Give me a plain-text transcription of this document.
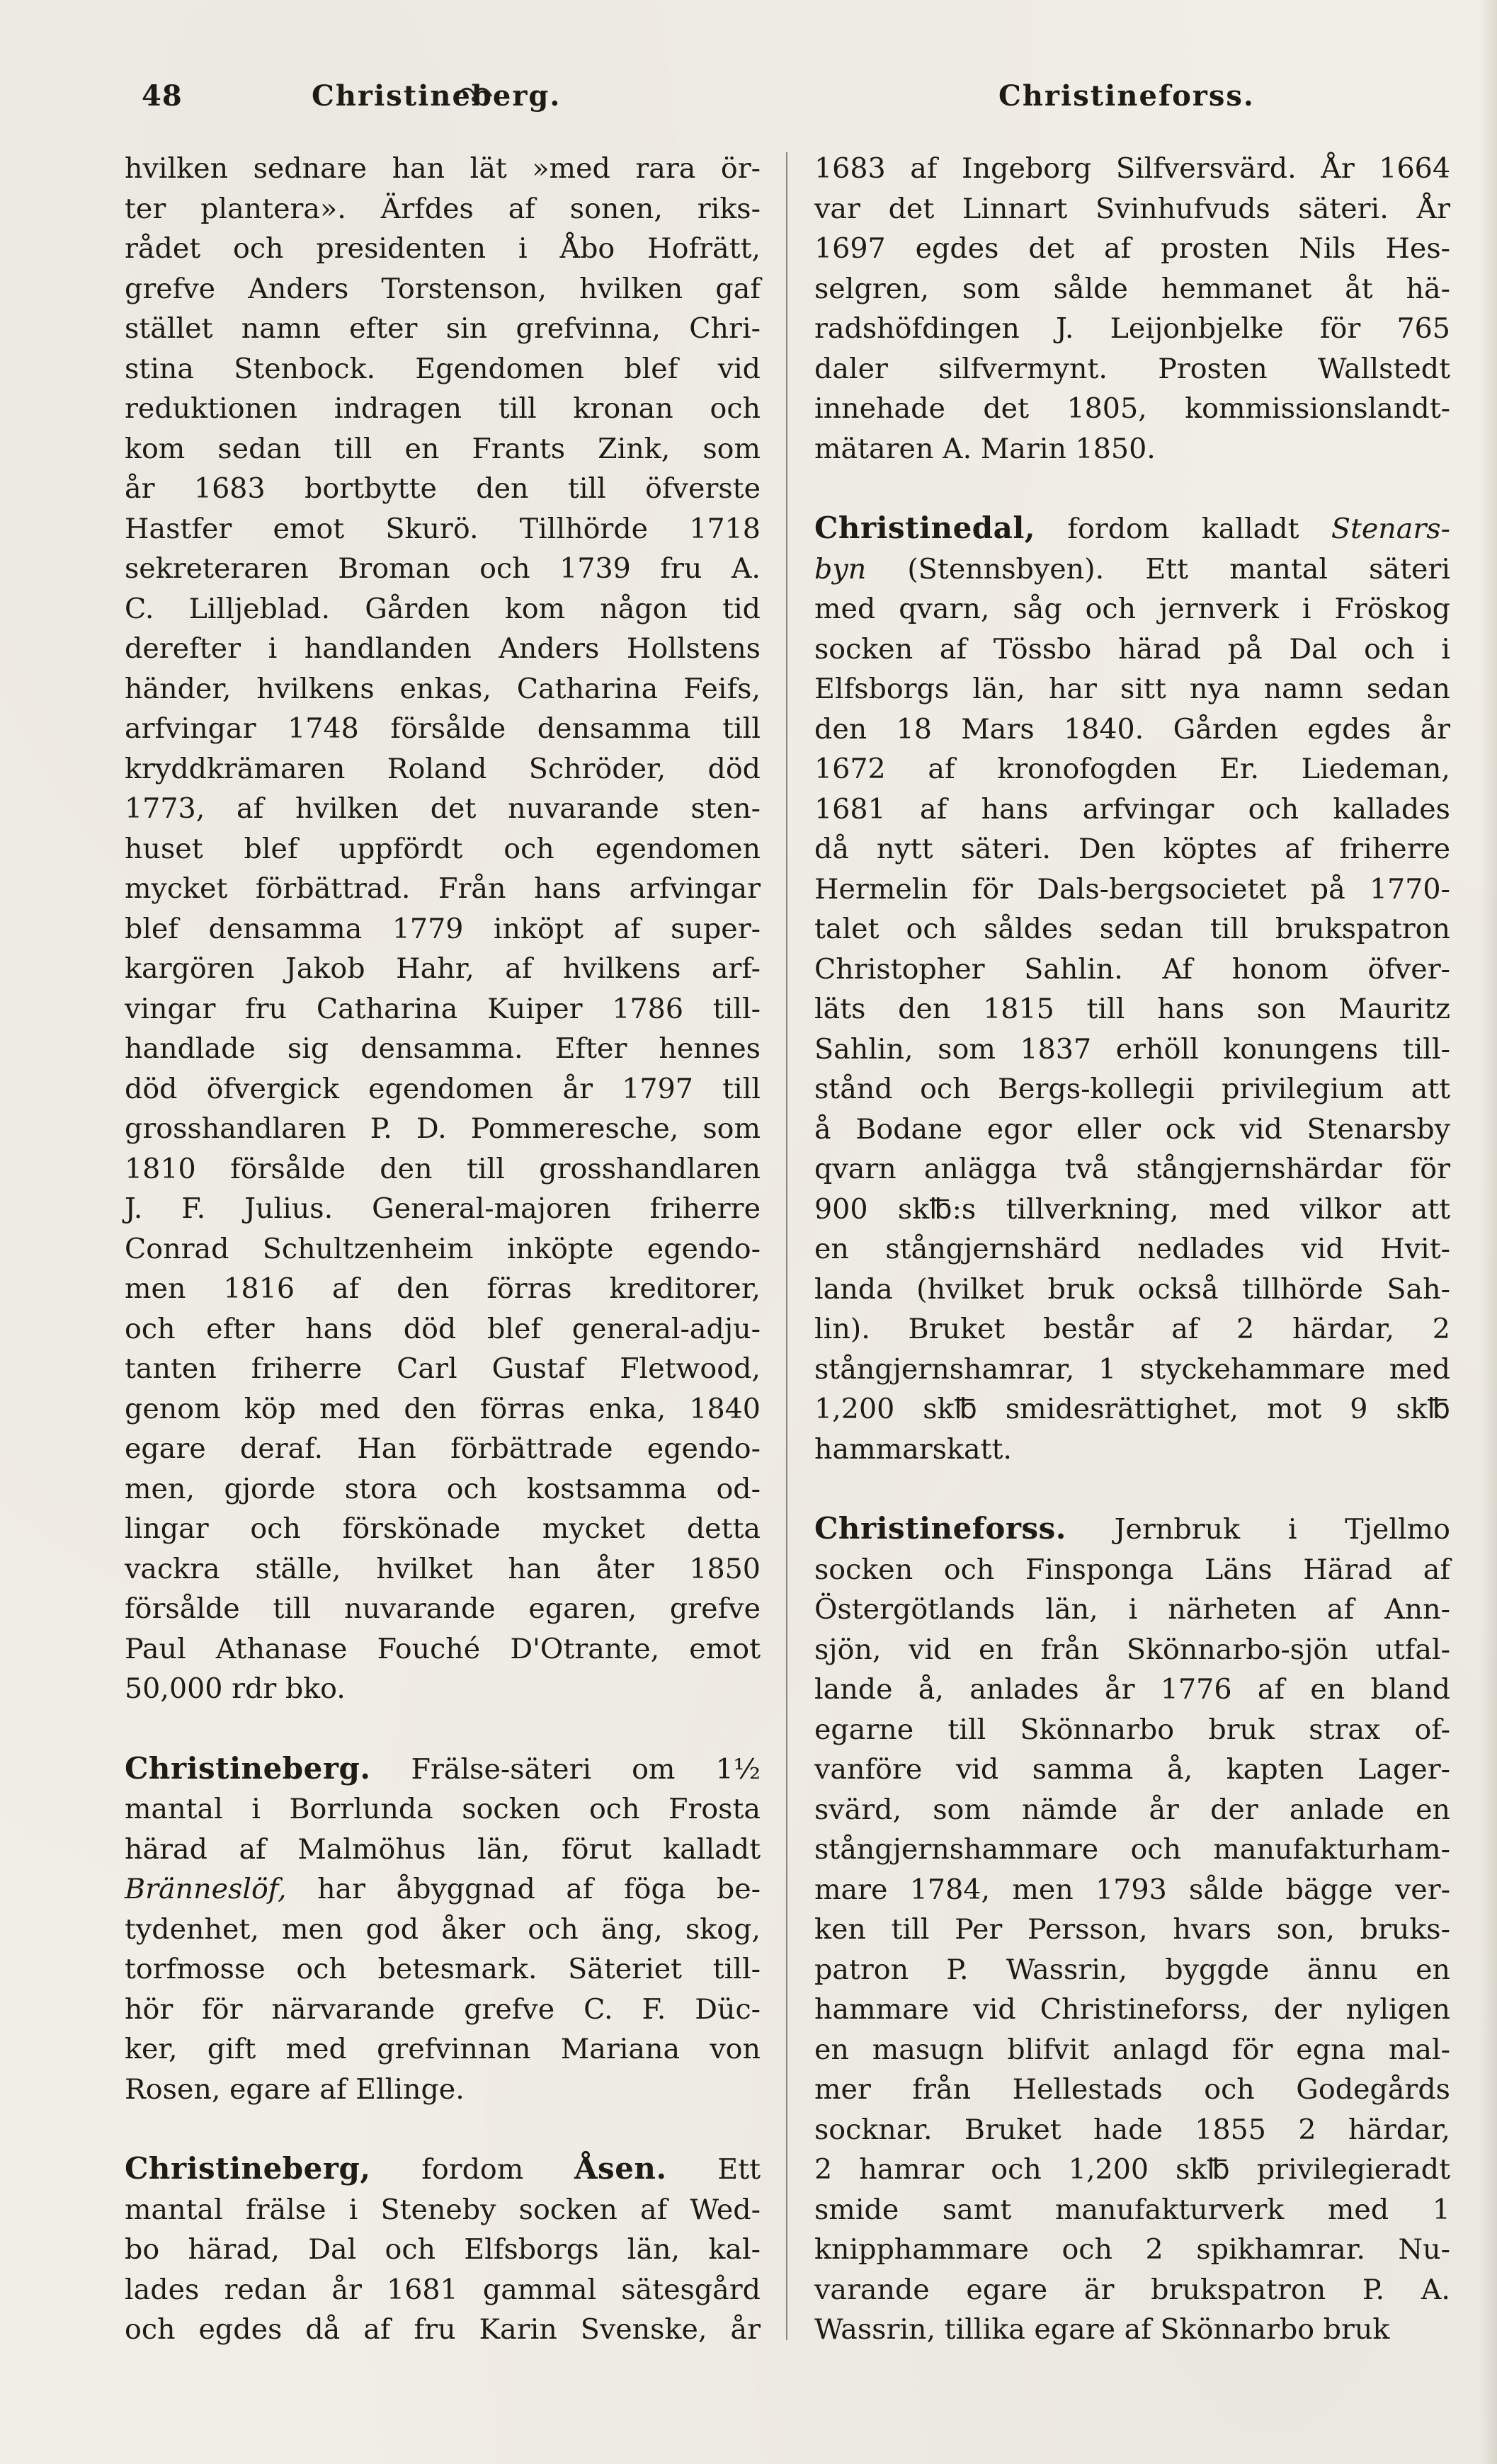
48	Christineberg.	Christineforss.

hvilken sednare han lät »med rara ör-

ter plantera». Ärfdes af sonen, riks-

rådet och presidenten i Åbo Hofrätt,

grefve Anders Torstenson, hvilken gaf

stället namn efter sin grefvinna, Chri-

stina Stenbock. Egendomen blef vid

reduktionen indragen till kronan och

kom sedan till en Frants Zink, som

år 1683 bortbytte den till öfverste

Hastfer emot Skurö. Tillhörde 1718

sekreteraren Broman och 1739 fru A.

C. Lilljeblad. Gården kom någon tid

derefter i handlanden Anders Hollstens

händer, hvilkens enkas, Catharina Feifs,

arfvingar 1748 försålde densamma till

kryddkrämaren Roland Schröder, död

1773, af hvilken det nuvarande sten-

huset blef uppfördt och egendomen

mycket förbättrad. Från hans arfvingar

blef densamma 1779 inköpt af super-

kargören Jakob Hahr, af hvilkens arf-

vingar fru Catharina Kuiper 1786 till-

handlade sig densamma. Efter hennes

död öfvergick egendomen år 1797 till

grosshandlaren P. D. Pommeresche, som

1810 försålde den till grosshandlaren

J. F. Julius. General-majoren friherre

Conrad Schultzenheim inköpte egendo-

men 1816 af den förras kreditorer,

och efter hans död blef general-adju-

tanten friherre Carl Gustaf Fletwood,

genom köp med den förras enka, 1840

egare deraf. Han förbättrade egendo-

men, gjorde stora och kostsamma od-

lingar och förskönade mycket detta

vackra ställe, hvilket han åter 1850

försålde till nuvarande egaren, grefve

Paul Athanase Fouché D'Otrante, emot

50,000 rdr bko.

Christineberg. Frälse-säteri om 1½

mantal i Borrlunda socken och Frosta

härad af Malmöhus län, förut kalladt

Bränneslöf, har åbyggnad af föga be-

tydenhet, men god åker och äng, skog,

torfmosse och betesmark. Säteriet till-

hör för närvarande grefve C. F. Düc-

ker, gift med grefvinnan Mariana von

Rosen, egare af Ellinge.

Christineberg, fordom Åsen. Ett

mantal frälse i Steneby socken af Wed-

bo härad, Dal och Elfsborgs län, kal-

lades redan år 1681 gammal sätesgård

och egdes då af fru Karin Svenske, år

1683 af Ingeborg Silfversvärd. År 1664

var det Linnart Svinhufvuds säteri. År

1697 egdes det af prosten Nils Hes-

selgren, som sålde hemmanet åt hä-

radshöfdingen J. Leijonbjelke för 765

daler silfvermynt. Prosten Wallstedt

innehade det 1805, kommissionslandt-

mätaren A. Marin 1850.

Christinedal, fordom kalladt Stenars-

byn (Stennsbyen). Ett mantal säteri

med qvarn, såg och jernverk i Fröskog

socken af Tössbo härad på Dal och i

Elfsborgs län, har sitt nya namn sedan

den 18 Mars 1840. Gården egdes år

1672 af kronofogden Er. Liedeman,

1681 af hans arfvingar och kallades

då nytt säteri. Den köptes af friherre

Hermelin för Dals-bergsocietet på 1770-

talet och såldes sedan till brukspatron

Christopher Sahlin. Af honom öfver-

läts den 1815 till hans son Mauritz

Sahlin, som 1837 erhöll konungens till-

stånd och Bergs-kollegii privilegium att

å Bodane egor eller ock vid Stenarsby

qvarn anlägga två stångjernshärdar för

900 sk℔:s tillverkning, med vilkor att

en stångjernshärd nedlades vid Hvit-

landa (hvilket bruk också tillhörde Sah-

lin). Bruket består af 2 härdar, 2

stångjernshamrar, 1 styckehammare med

1,200 sk℔ smidesrättighet, mot 9 sk℔

hammarskatt.

Christineforss. Jernbruk i Tjellmo

socken och Finsponga Läns Härad af

Östergötlands län, i närheten af Ann-

sjön, vid en från Skönnarbo-sjön utfal-

lande å, anlades år 1776 af en bland

egarne till Skönnarbo bruk strax of-

vanföre vid samma å, kapten Lager-

svärd, som nämde år der anlade en

stångjernshammare och manufakturham-

mare 1784, men 1793 sålde bägge ver-

ken till Per Persson, hvars son, bruks-

patron P. Wassrin, byggde ännu en

hammare vid Christineforss, der nyligen

en masugn blifvit anlagd för egna mal-

mer från Hellestads och Godegårds

socknar. Bruket hade 1855 2 härdar,

2 hamrar och 1,200 sk℔ privilegieradt

smide samt manufakturverk med 1

knipphammare och 2 spikhamrar. Nu-

varande egare är brukspatron P. A.

Wassrin, tillika egare af Skönnarbo bruk
